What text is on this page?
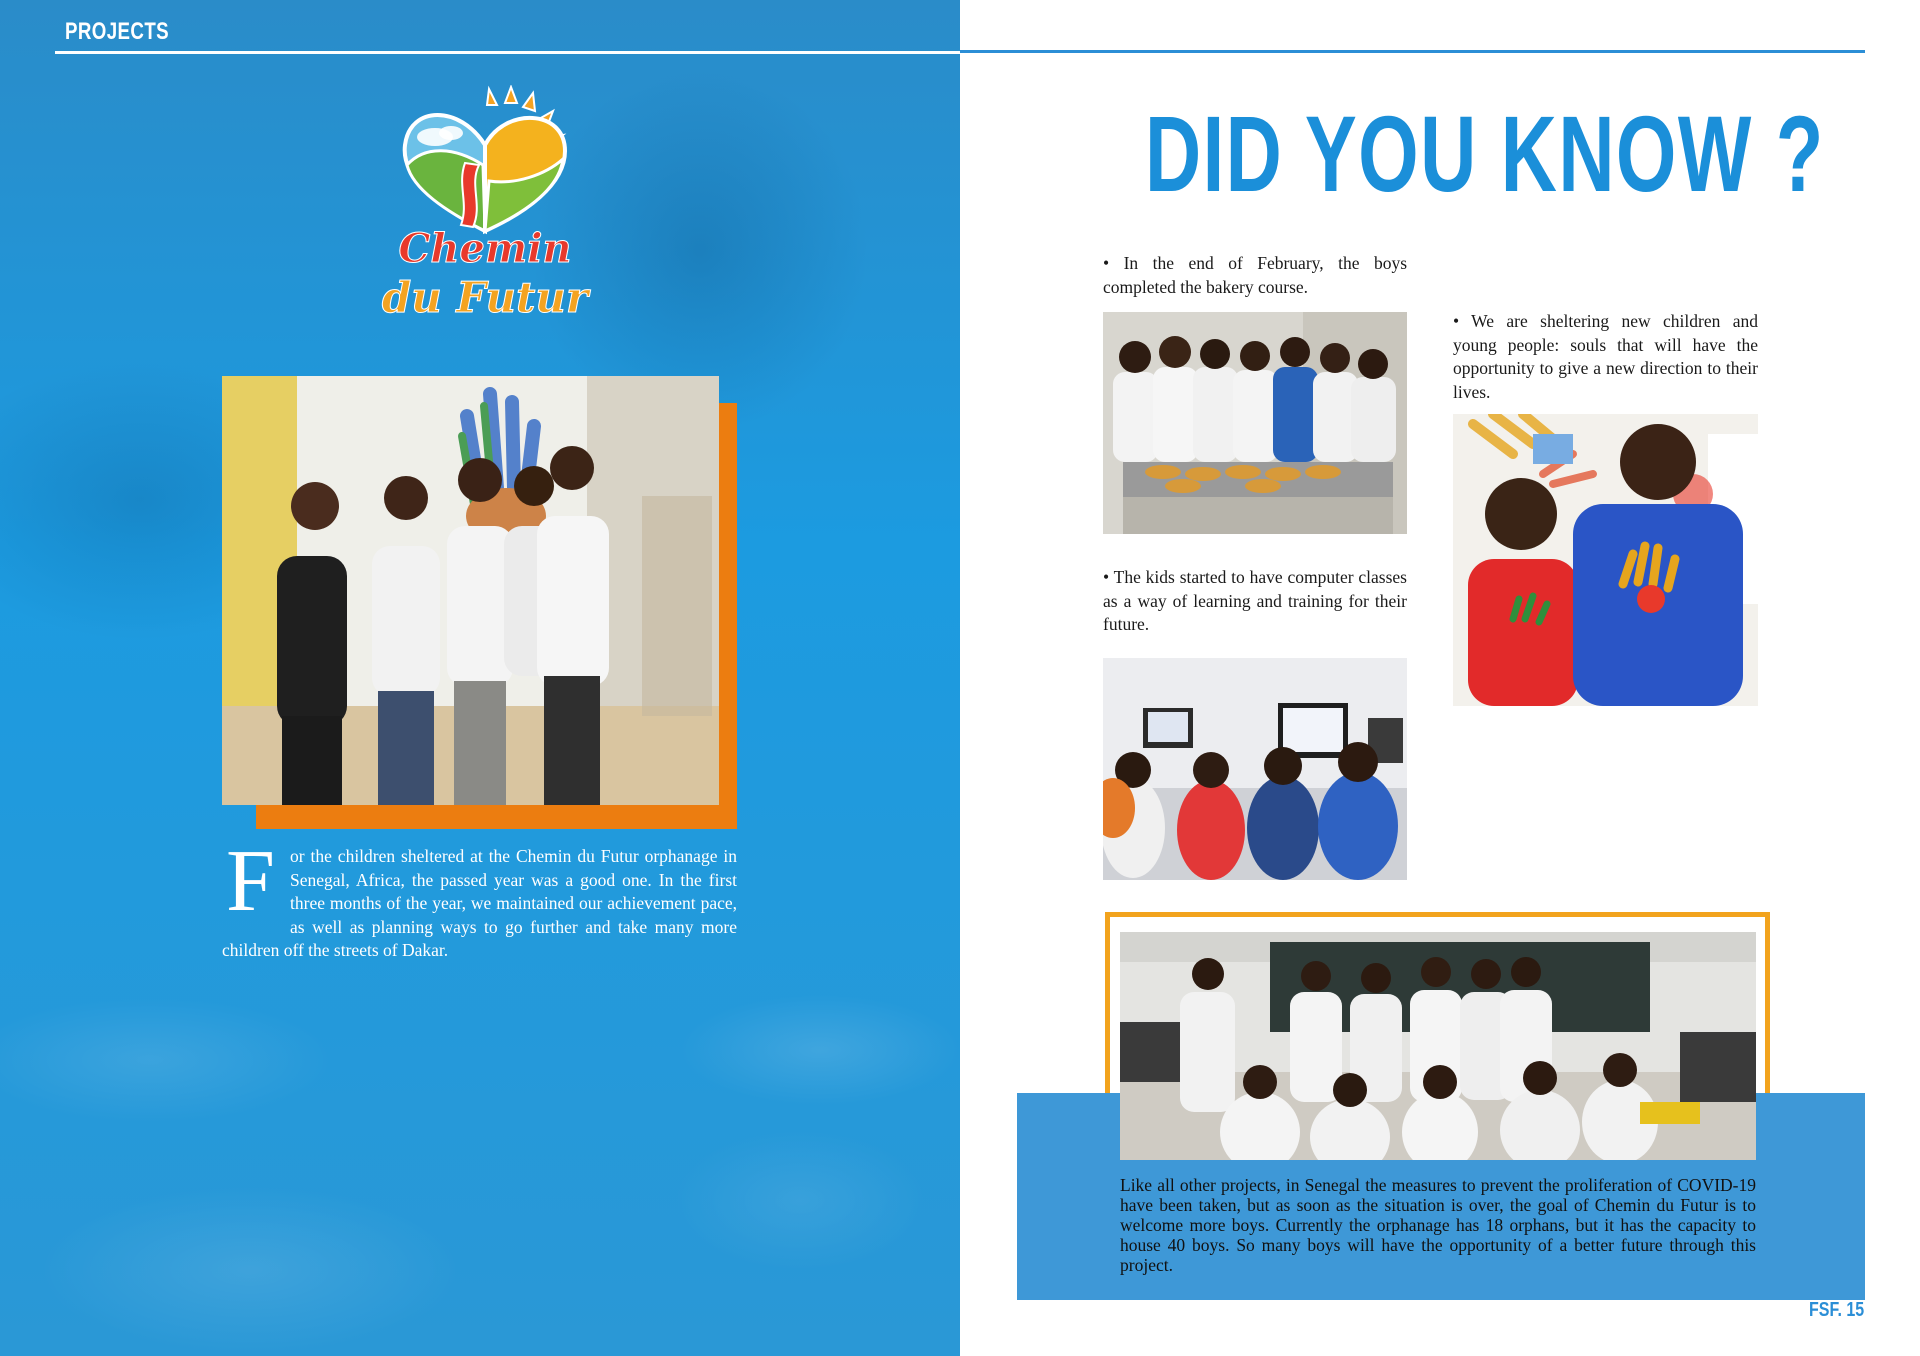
PROJECTS
Chemin
du Futur
F or the children sheltered at the Chemin du Futur orphanage in Senegal, Africa, the passed year was a good one. In the first three months of the year, we maintained our achievement pace, as well as planning ways to go further and take many more children off the streets of Dakar.
DID YOU KNOW ?

• In the end of February, the boys completed the bakery course.

• We are sheltering new children and young people: souls that will have the opportunity to give a new direction to their lives.

• The kids started to have computer classes as a way of learning and training for their future.

Like all other projects, in Senegal the measures to prevent the proliferation of COVID-19 have been taken, but as soon as the situation is over, the goal of Chemin du Futur is to welcome more boys. Currently the orphanage has 18 orphans, but it has the capacity to house 40 boys. So many boys will have the opportunity of a better future through this project.

FSF. 15
